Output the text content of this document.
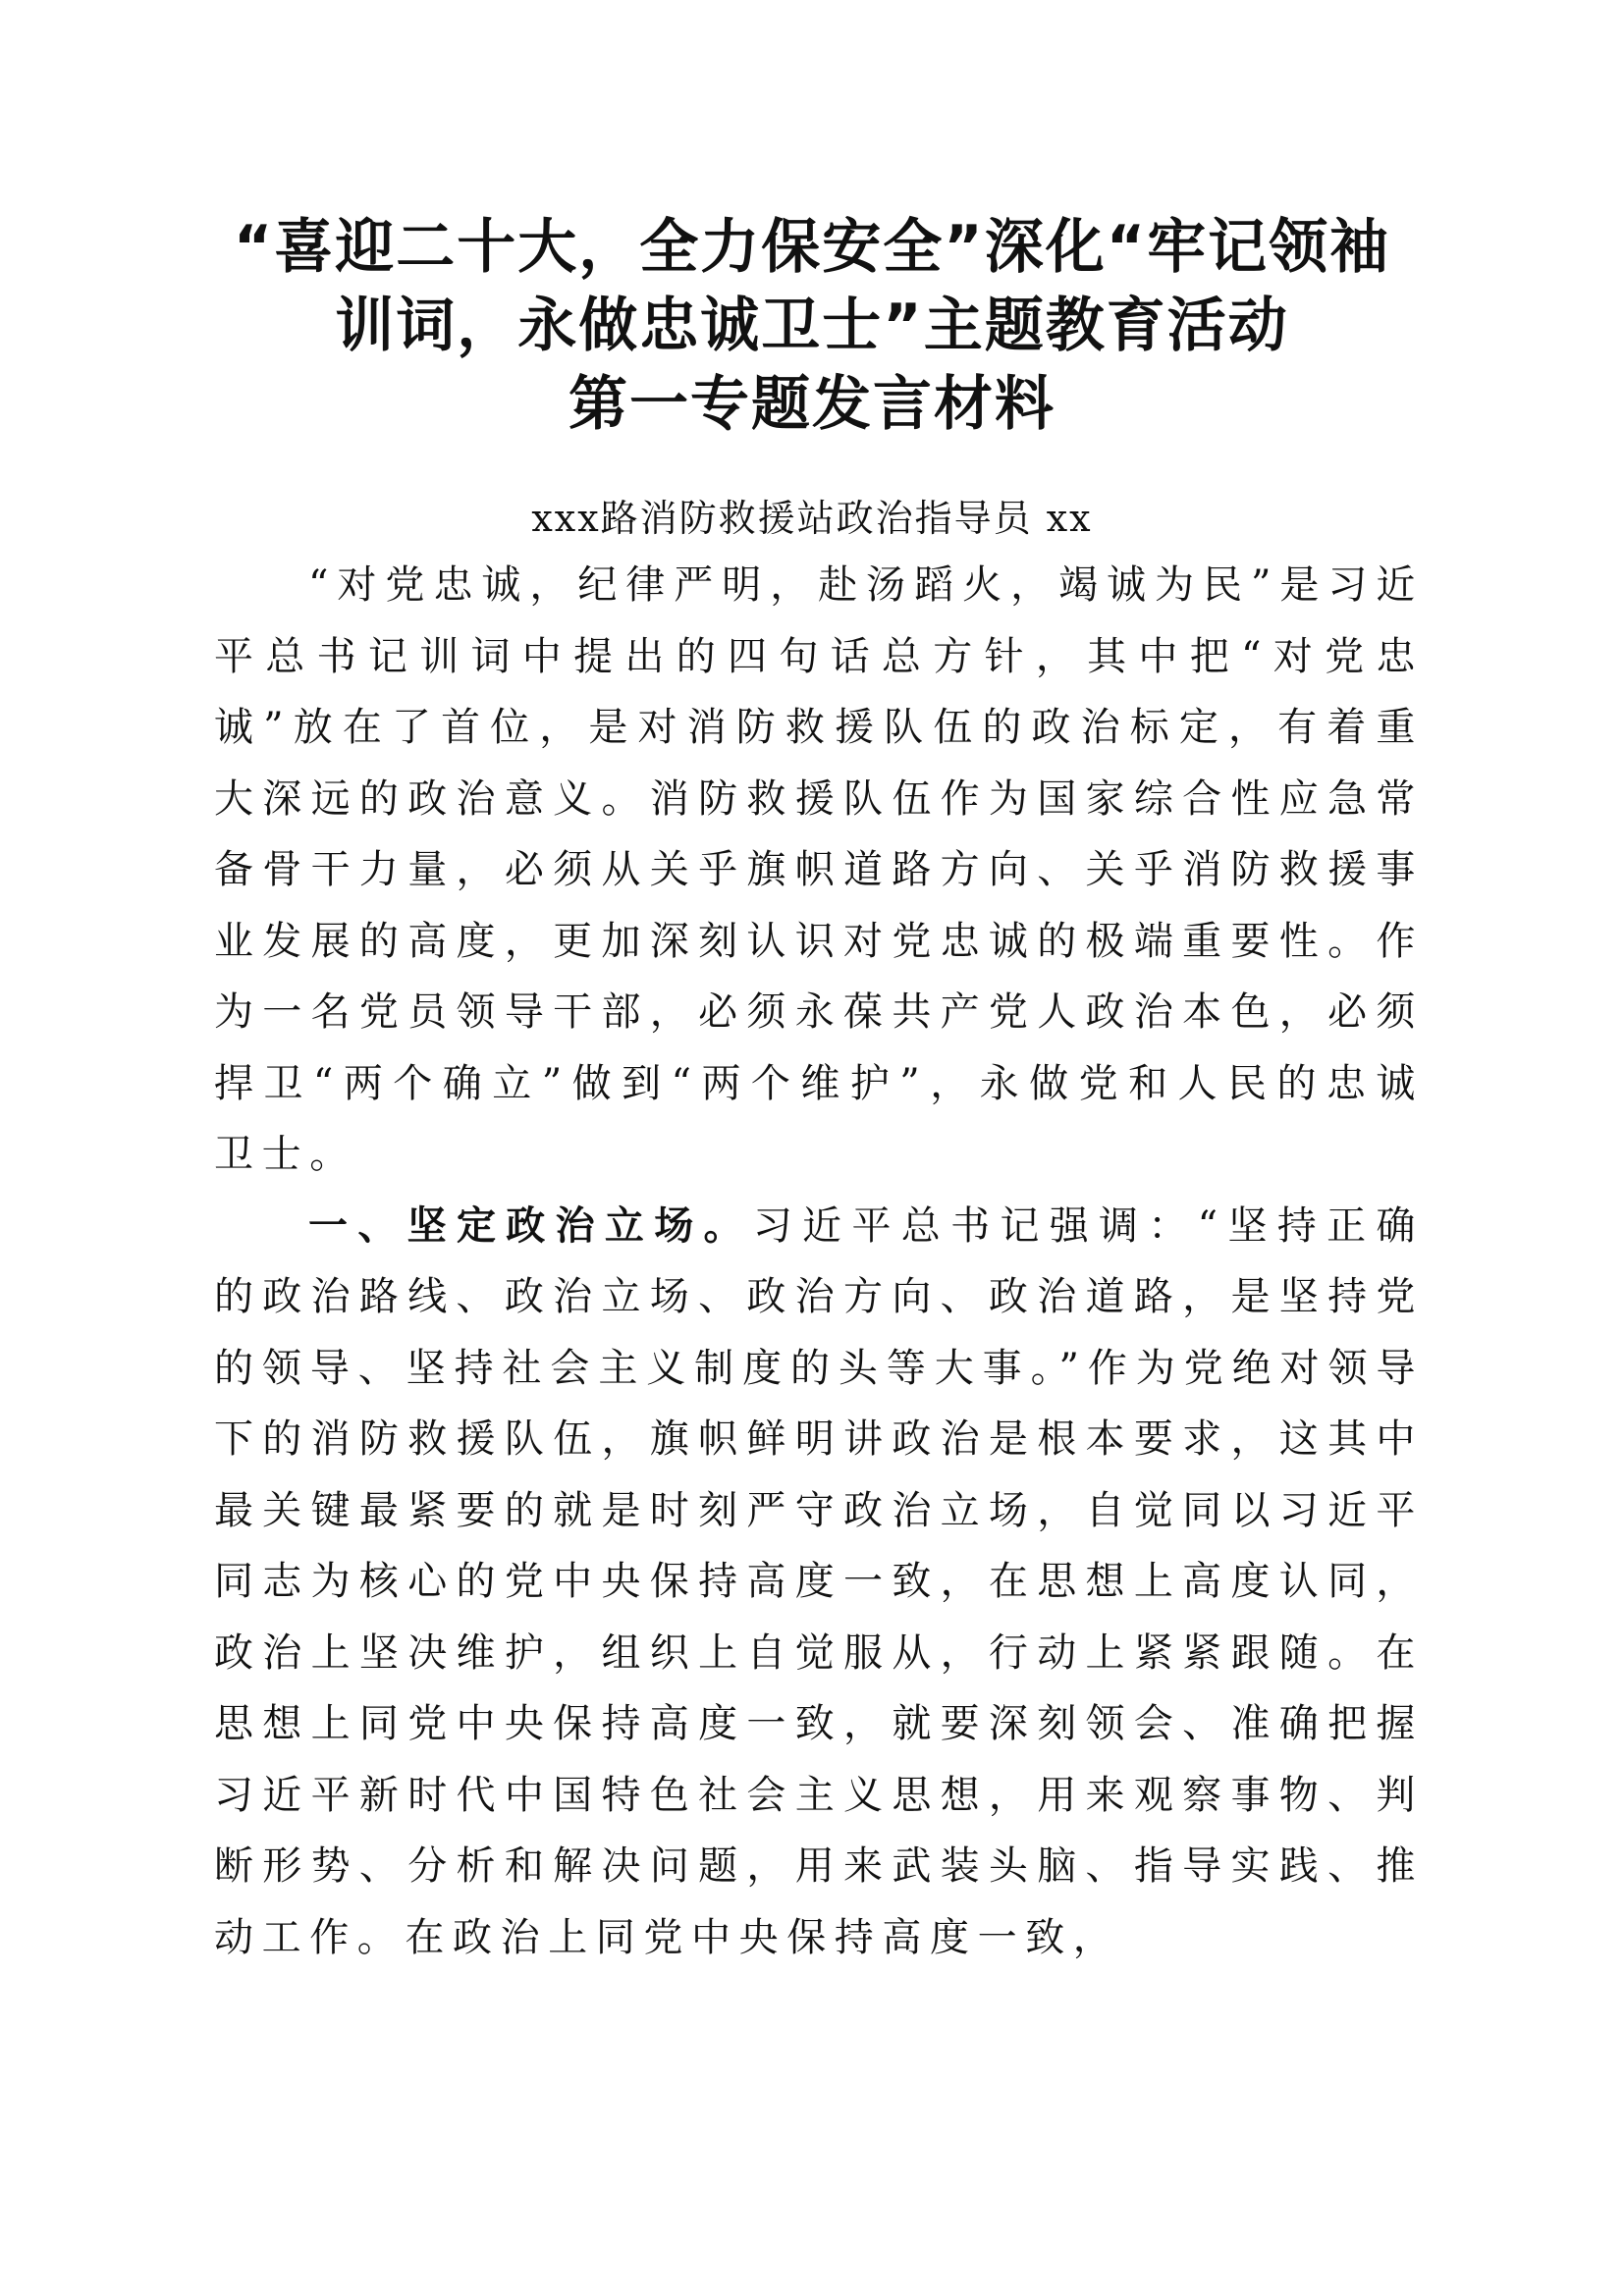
“喜迎二十大，全力保安全”深化“牢记领袖
训词，永做忠诚卫士”主题教育活动
第一专题发言材料
xxx路消防救援站政治指导员 xx

“对党忠诚，纪律严明，赴汤蹈火，竭诚为民”是习近平总书记训词中提出的四句话总方针，其中把“对党忠诚”放在了首位，是对消防救援队伍的政治标定，有着重大深远的政治意义。消防救援队伍作为国家综合性应急常备骨干力量，必须从关乎旗帜道路方向、关乎消防救援事业发展的高度，更加深刻认识对党忠诚的极端重要性。作为一名党员领导干部，必须永葆共产党人政治本色，必须捍卫“两个确立”做到“两个维护”，永做党和人民的忠诚卫士。

一、坚定政治立场。习近平总书记强调：“坚持正确的政治路线、政治立场、政治方向、政治道路，是坚持党的领导、坚持社会主义制度的头等大事。”作为党绝对领导下的消防救援队伍，旗帜鲜明讲政治是根本要求，这其中最关键最紧要的就是时刻严守政治立场，自觉同以习近平同志为核心的党中央保持高度一致，在思想上高度认同，政治上坚决维护，组织上自觉服从，行动上紧紧跟随。在思想上同党中央保持高度一致，就要深刻领会、准确把握习近平新时代中国特色社会主义思想，用来观察事物、判断形势、分析和解决问题，用来武装头脑、指导实践、推动工作。在政治上同党中央保持高度一致，
